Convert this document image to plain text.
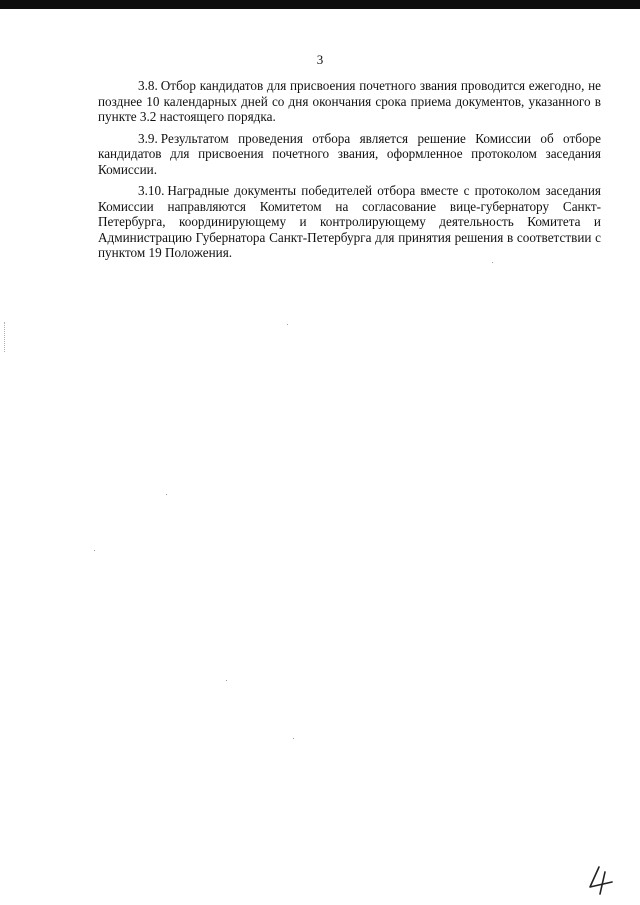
3

3.8. Отбор кандидатов для присвоения почетного звания проводится ежегодно, не позднее 10 календарных дней со дня окончания срока приема документов, указанного в пункте 3.2 настоящего порядка.

3.9. Результатом проведения отбора является решение Комиссии об отборе кандидатов для присвоения почетного звания, оформленное протоколом заседания Комиссии.

3.10. Наградные документы победителей отбора вместе с протоколом заседания Комиссии направляются Комитетом на согласование вице-губернатору Санкт-Петербурга, координирующему и контролирующему деятельность Комитета и Администрацию Губернатора Санкт-Петербурга для принятия решения в соответствии с пунктом 19 Положения.
